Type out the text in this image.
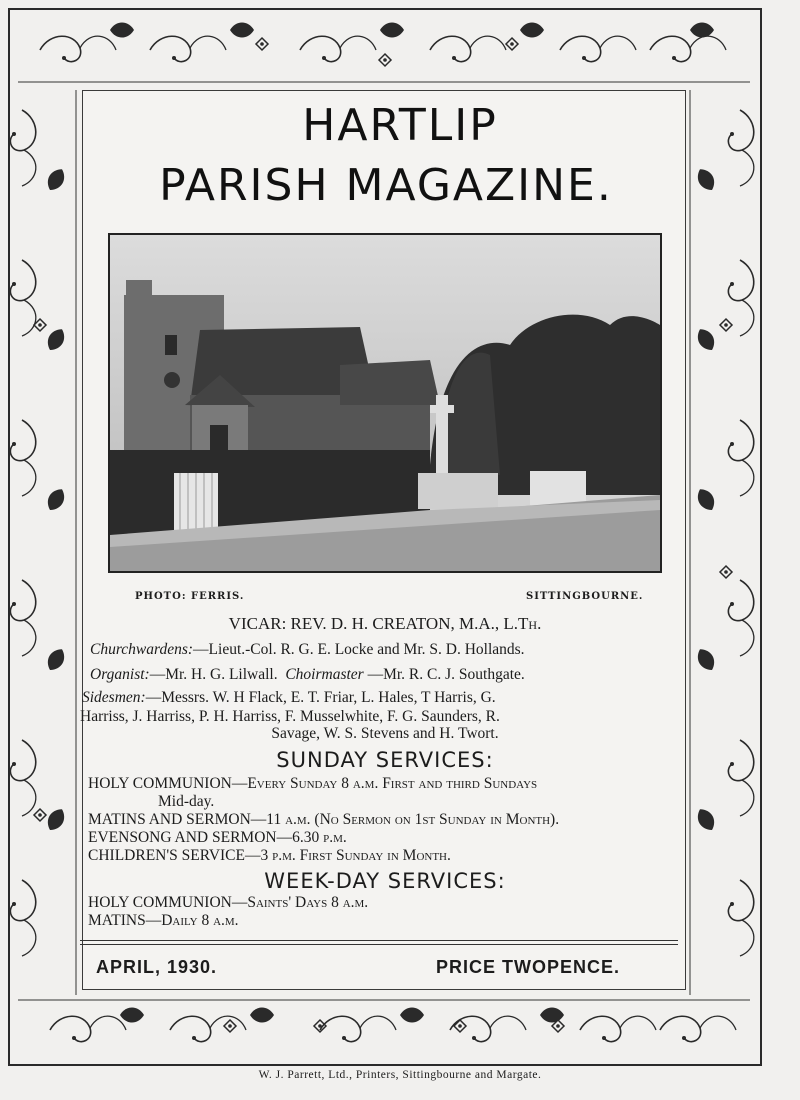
HARTLIP
PARISH MAGAZINE.
PHOTO: FERRIS.	SITTINGBOURNE.
VICAR: REV. D. H. CREATON, M.A., L.Th.
Churchwardens:—Lieut.-Col. R. G. E. Locke and Mr. S. D. Hollands.
Organist:—Mr. H. G. Lilwall. Choirmaster —Mr. R. C. J. Southgate.
Sidesmen:—Messrs. W. H Flack, E. T. Friar, L. Hales, T Harris, G.
Harriss, J. Harriss, P. H. Harriss, F. Musselwhite, F. G. Saunders, R.
Savage, W. S. Stevens and H. Twort.
SUNDAY SERVICES:
HOLY COMMUNION—Every Sunday 8 a.m. First and third Sundays
Mid-day.
MATINS AND SERMON—11 a.m. (No Sermon on 1st Sunday in Month).
EVENSONG AND SERMON—6.30 p.m.
CHILDREN'S SERVICE—3 p.m. First Sunday in Month.
WEEK-DAY SERVICES:
HOLY COMMUNION—Saints' Days 8 a.m.
MATINS—Daily 8 a.m.
APRIL, 1930.	PRICE TWOPENCE.
W. J. Parrett, Ltd., Printers, Sittingbourne and Margate.
